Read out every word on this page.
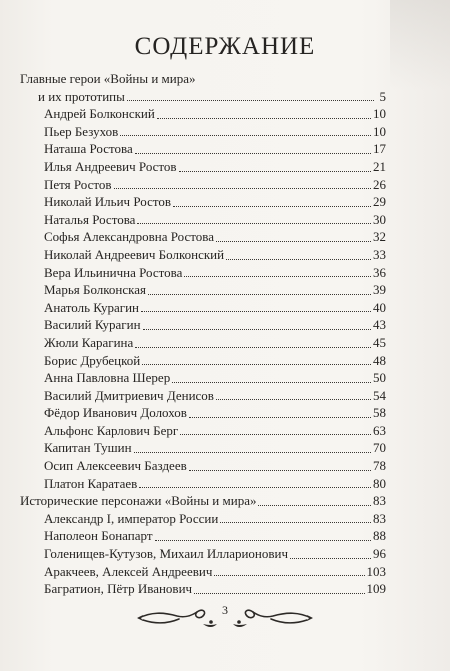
СОДЕРЖАНИЕ
Главные герои «Войны и мира»
и их прототипы	5
Андрей Болконский	10
Пьер Безухов	10
Наташа Ростова	17
Илья Андреевич Ростов	21
Петя Ростов	26
Николай Ильич Ростов	29
Наталья Ростова	30
Софья Александровна Ростова	32
Николай Андреевич Болконский	33
Вера Ильинична Ростова	36
Марья Болконская	39
Анатоль Курагин	40
Василий Курагин	43
Жюли Карагина	45
Борис Друбецкой	48
Анна Павловна Шерер	50
Василий Дмитриевич Денисов	54
Фёдор Иванович Долохов	58
Альфонс Карлович Берг	63
Капитан Тушин	70
Осип Алексеевич Баздеев	78
Платон Каратаев	80
Исторические персонажи «Войны и мира»	83
Александр I, император России	83
Наполеон Бонапарт	88
Голенищев-Кутузов, Михаил Илларионович	96
Аракчеев, Алексей Андреевич	103
Багратион, Пётр Иванович	109
3
